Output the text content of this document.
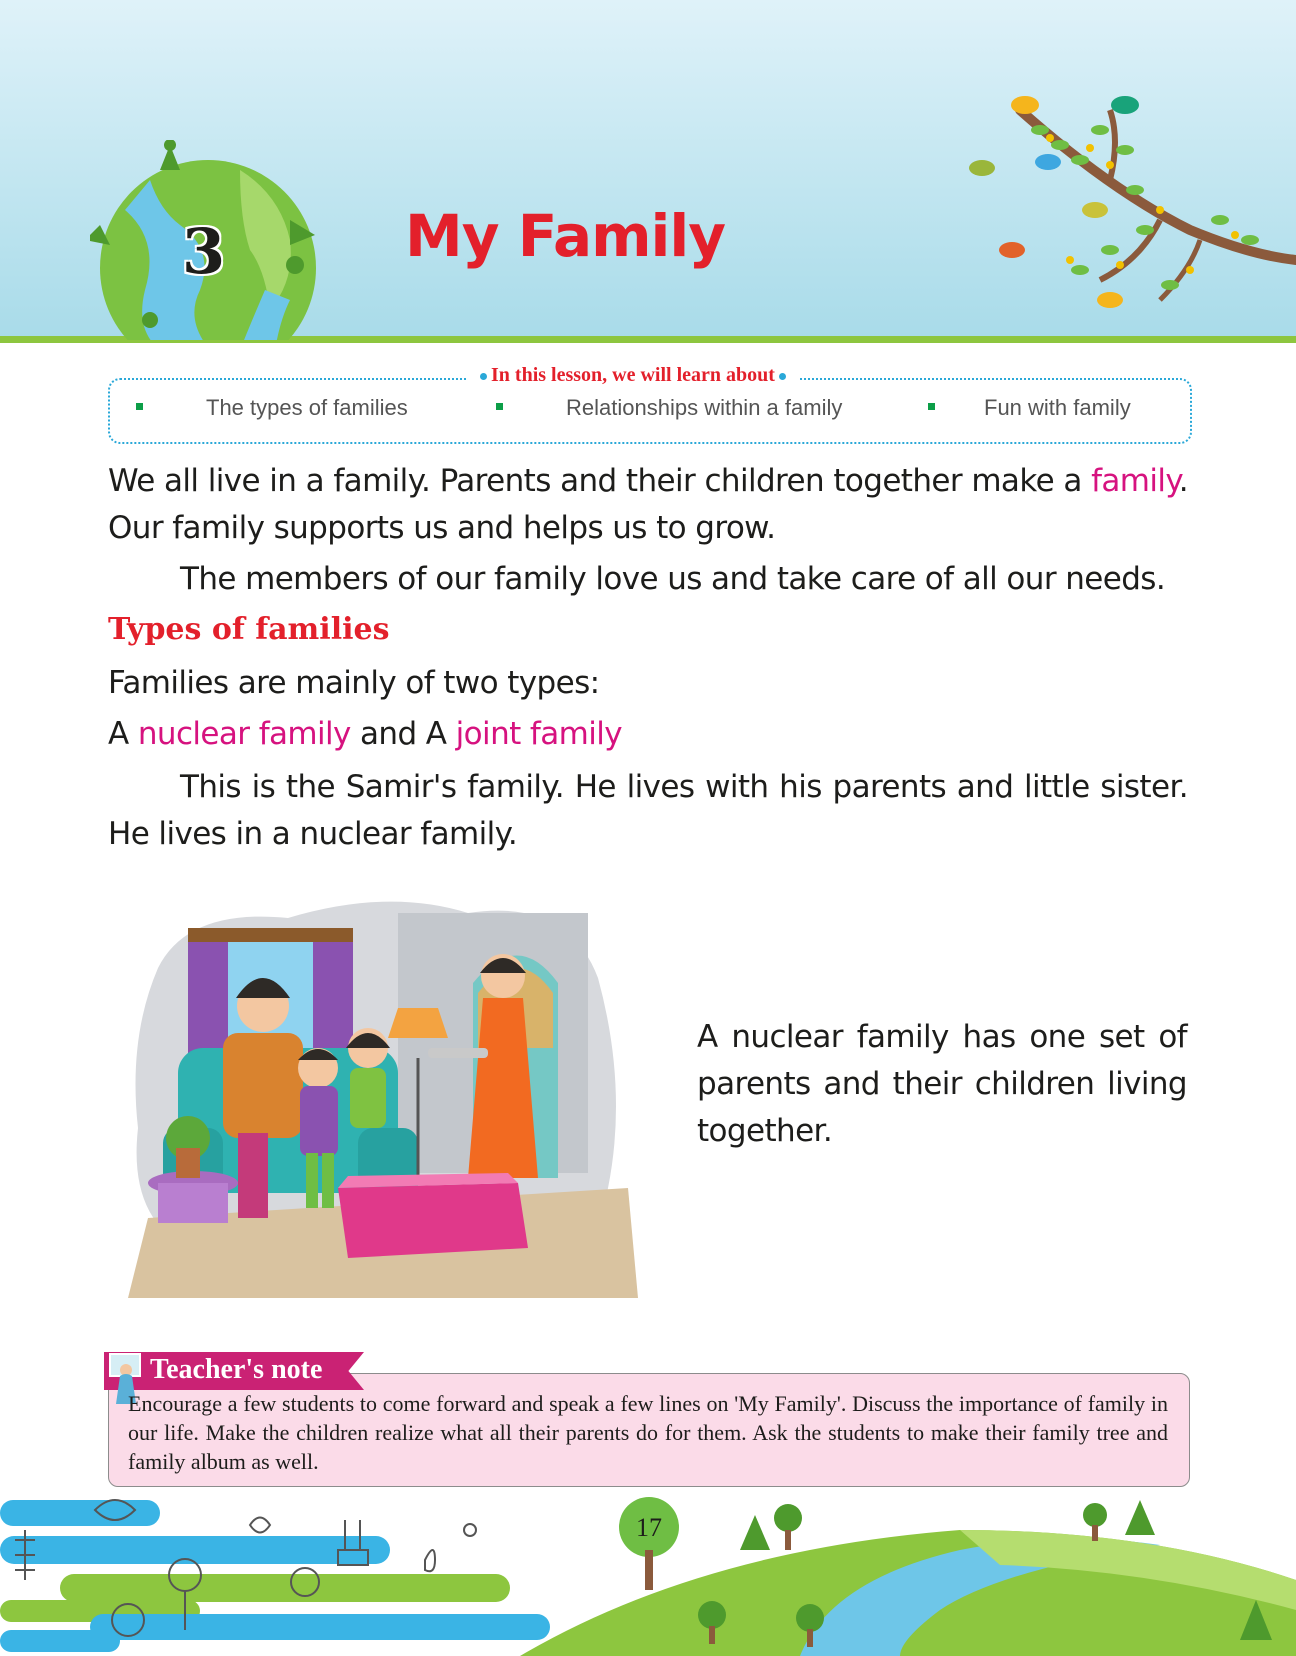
3	My Family
In this lesson, we will learn about
The types of families	Relationships within a family	Fun with family
We all live in a family. Parents and their children together make a family. Our family supports us and helps us to grow.
The members of our family love us and take care of all our needs.
Types of families
Families are mainly of two types:
A nuclear family and A joint family
This is the Samir's family. He lives with his parents and little sister. He lives in a nuclear family.
A nuclear family has one set of parents and their children living together.
Teacher's note
Encourage a few students to come forward and speak a few lines on 'My Family'. Discuss the importance of family in our life. Make the children realize what all their parents do for them. Ask the students to make their family tree and family album as well.
17
